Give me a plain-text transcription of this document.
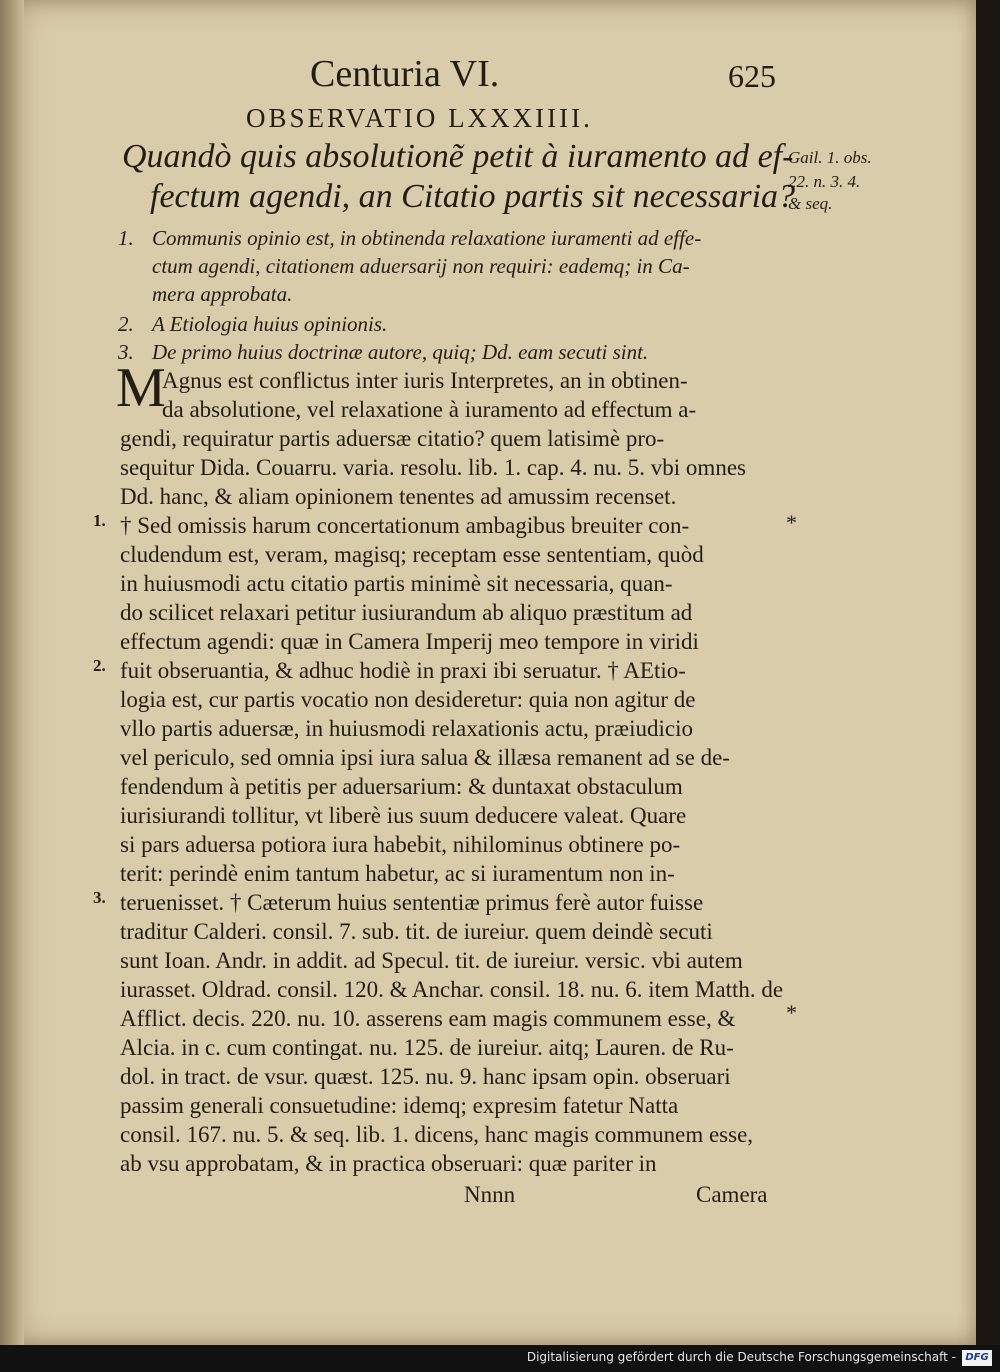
Centuria VI.	625
OBSERVATIO LXXXIIII.
Quandò quis absolutionẽ petit à iuramento ad ef-
fectum agendi, an Citatio partis sit necessaria?
Gail. 1. obs.
22. n. 3. 4.
& seq.
1. Communis opinio est, in obtinenda relaxatione iuramenti ad effe-
ctum agendi, citationem aduersarij non requiri: eademq; in Ca-
mera approbata.
2. A Etiologia huius opinionis.
3. De primo huius doctrinæ autore, quiq; Dd. eam secuti sint.
M
Agnus est conflictus inter iuris Interpretes, an in obtinen-
da absolutione, vel relaxatione à iuramento ad effectum a-
gendi, requiratur partis aduersæ citatio? quem latisimè pro-
sequitur Dida. Couarru. varia. resolu. lib. 1. cap. 4. nu. 5. vbi omnes
Dd. hanc, & aliam opinionem tenentes ad amussim recenset.
† Sed omissis harum concertationum ambagibus breuiter con-
cludendum est, veram, magisq; receptam esse sententiam, quòd
in huiusmodi actu citatio partis minimè sit necessaria, quan-
do scilicet relaxari petitur iusiurandum ab aliquo præstitum ad
effectum agendi: quæ in Camera Imperij meo tempore in viridi
fuit obseruantia, & adhuc hodiè in praxi ibi seruatur. † AEtio-
logia est, cur partis vocatio non desideretur: quia non agitur de
vllo partis aduersæ, in huiusmodi relaxationis actu, præiudicio
vel periculo, sed omnia ipsi iura salua & illæsa remanent ad se de-
fendendum à petitis per aduersarium: & duntaxat obstaculum
iurisiurandi tollitur, vt liberè ius suum deducere valeat. Quare
si pars aduersa potiora iura habebit, nihilominus obtinere po-
terit: perindè enim tantum habetur, ac si iuramentum non in-
teruenisset. † Cæterum huius sententiæ primus ferè autor fuisse
traditur Calderi. consil. 7. sub. tit. de iureiur. quem deindè secuti
sunt Ioan. Andr. in addit. ad Specul. tit. de iureiur. versic. vbi autem
iurasset. Oldrad. consil. 120. & Anchar. consil. 18. nu. 6. item Matth. de
Afflict. decis. 220. nu. 10. asserens eam magis communem esse, &
Alcia. in c. cum contingat. nu. 125. de iureiur. aitq; Lauren. de Ru-
dol. in tract. de vsur. quæst. 125. nu. 9. hanc ipsam opin. obseruari
passim generali consuetudine: idemq; expresim fatetur Natta
consil. 167. nu. 5. & seq. lib. 1. dicens, hanc magis communem esse,
ab vsu approbatam, & in practica obseruari: quæ pariter in
1.
2.
3.
*
*
Nnnn	Camera
Digitalisierung gefördert durch die Deutsche Forschungsgemeinschaft - DFG
